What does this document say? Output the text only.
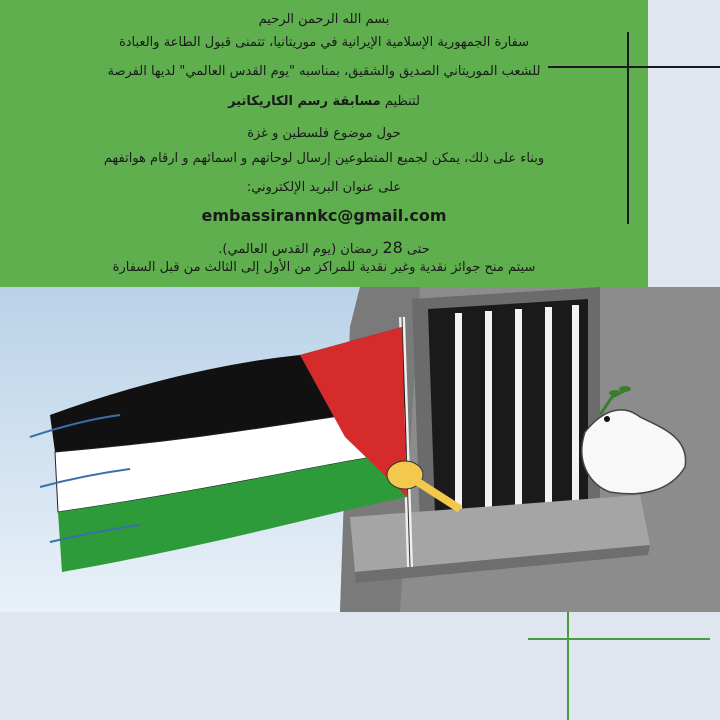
بسم الله الرحمن الرحيم
سفارة الجمهورية الإسلامية الإيرانية في موريتانيا، تتمنى قبول الطاعة والعبادة
للشعب الموريتاني الصديق والشقيق، بمناسبه "يوم القدس العالمي" لديها الفرصة
لتنظيم مسابقة رسم الكاريكاتير
حول موضوع فلسطين و غزة
وبناء على ذلك، يمكن لجميع المتطوعين إرسال لوحاتهم و اسمائهم و ارقام هواتفهم
على عنوان البريد الإلكتروني:
embassirannkc@gmail.com
حتى 28 رمضان (يوم القدس العالمي).
سيتم منح جوائز نقدية وغير نقدية للمراكز من الأول إلى الثالث من قبل السفارة
